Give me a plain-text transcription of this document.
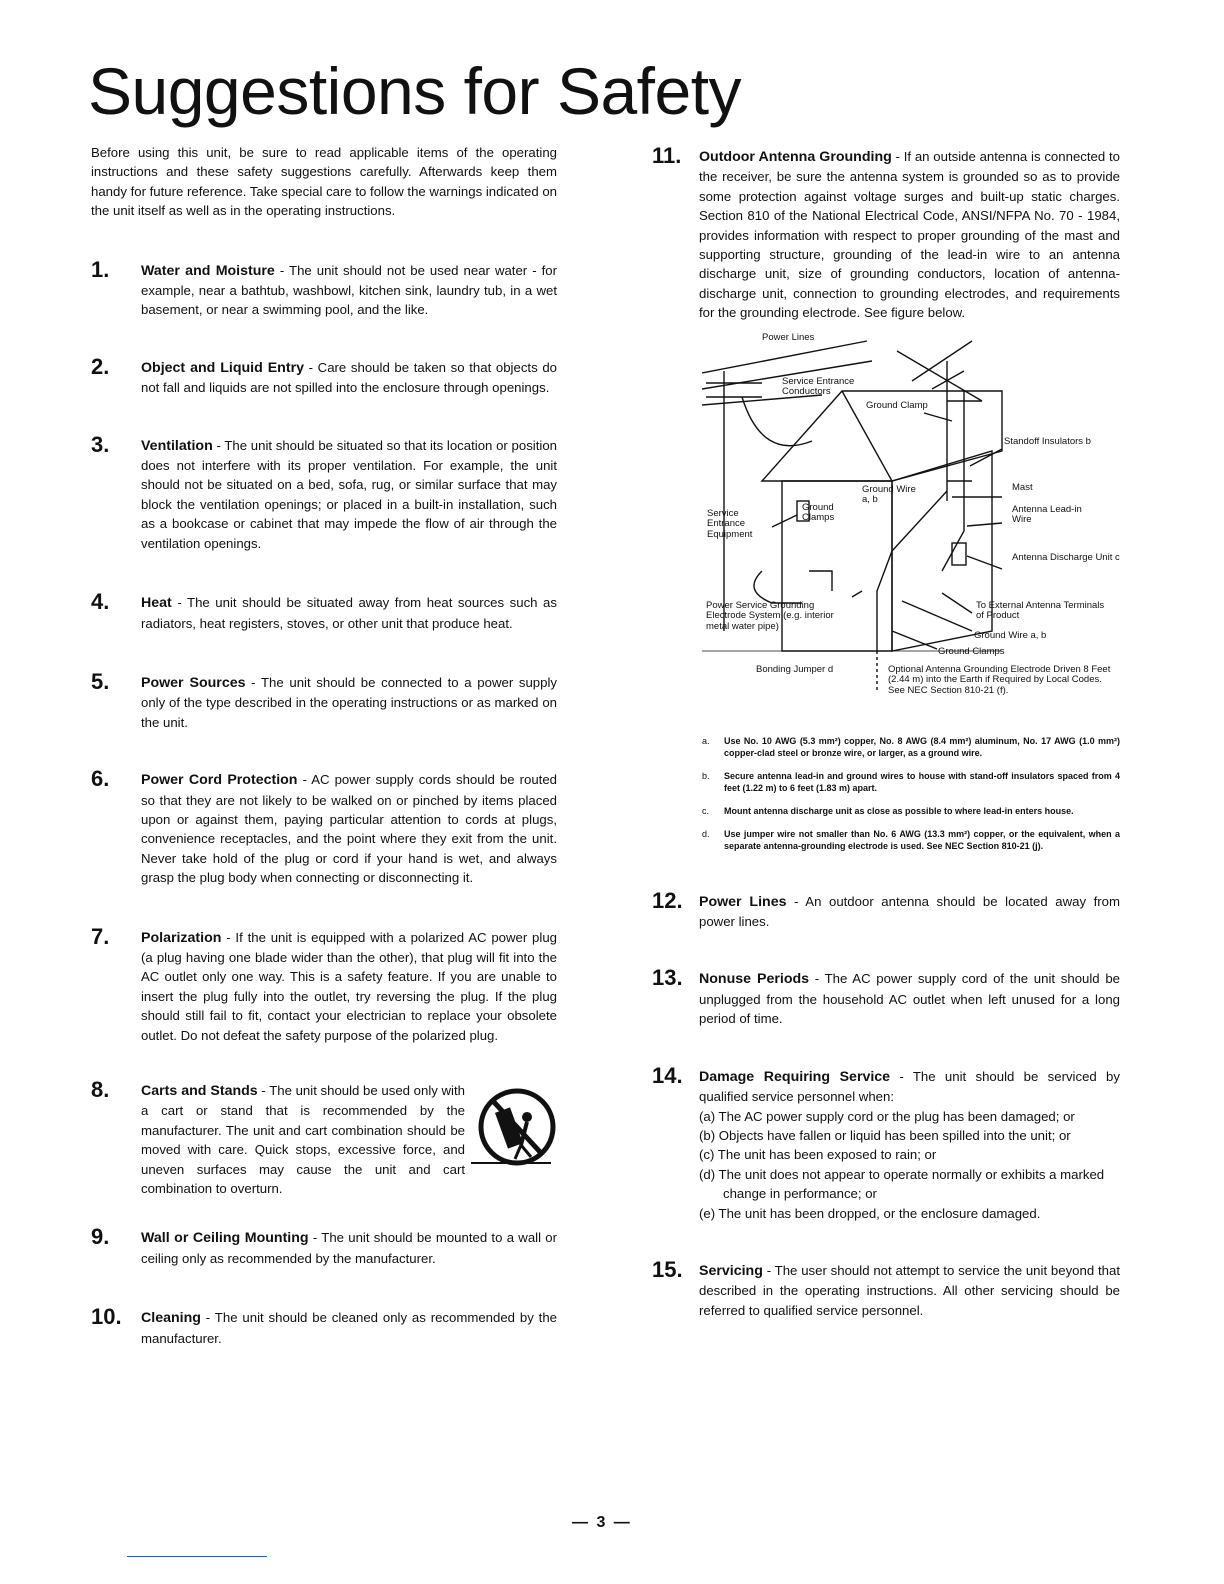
Suggestions for Safety

Before using this unit, be sure to read applicable items of the operating instructions and these safety suggestions carefully. Afterwards keep them handy for future reference. Take special care to follow the warnings indicated on the unit itself as well as in the operating instructions.

1. Water and Moisture - The unit should not be used near water - for example, near a bathtub, washbowl, kitchen sink, laundry tub, in a wet basement, or near a swimming pool, and the like.
2. Object and Liquid Entry - Care should be taken so that objects do not fall and liquids are not spilled into the enclosure through openings.
3. Ventilation - The unit should be situated so that its location or position does not interfere with its proper ventilation. For example, the unit should not be situated on a bed, sofa, rug, or similar surface that may block the ventilation openings; or placed in a built-in installation, such as a bookcase or cabinet that may impede the flow of air through the ventilation openings.
4. Heat - The unit should be situated away from heat sources such as radiators, heat registers, stoves, or other unit that produce heat.
5. Power Sources - The unit should be connected to a power supply only of the type described in the operating instructions or as marked on the unit.
6. Power Cord Protection - AC power supply cords should be routed so that they are not likely to be walked on or pinched by items placed upon or against them, paying particular attention to cords at plugs, convenience receptacles, and the point where they exit from the unit. Never take hold of the plug or cord if your hand is wet, and always grasp the plug body when connecting or disconnecting it.
7. Polarization - If the unit is equipped with a polarized AC power plug (a plug having one blade wider than the other), that plug will fit into the AC outlet only one way. This is a safety feature. If you are unable to insert the plug fully into the outlet, try reversing the plug. If the plug should still fail to fit, contact your electrician to replace your obsolete outlet. Do not defeat the safety purpose of the polarized plug.
8. Carts and Stands - The unit should be used only with a cart or stand that is recommended by the manufacturer. The unit and cart combination should be moved with care. Quick stops, excessive force, and uneven surfaces may cause the unit and cart combination to overturn.
9. Wall or Ceiling Mounting - The unit should be mounted to a wall or ceiling only as recommended by the manufacturer.
10. Cleaning - The unit should be cleaned only as recommended by the manufacturer.
11. Outdoor Antenna Grounding - If an outside antenna is connected to the receiver, be sure the antenna system is grounded so as to provide some protection against voltage surges and built-up static charges. Section 810 of the National Electrical Code, ANSI/NFPA No. 70 - 1984, provides information with respect to proper grounding of the mast and supporting structure, grounding of the lead-in wire to an antenna discharge unit, size of grounding conductors, location of antenna-discharge unit, connection to grounding electrodes, and requirements for the grounding electrode. See figure below.
Power Lines
Service Entrance Conductors
Ground Clamp
Standoff Insulators b
Ground Wire a, b
Mast
Service Entrance Equipment
Ground Clamps
Antenna Lead-in Wire
Antenna Discharge Unit c
Power Service Grounding Electrode System (e.g. interior metal water pipe)
To External Antenna Terminals of Product
Ground Wire a, b
Ground Clamps
Bonding Jumper d	Optional Antenna Grounding Electrode Driven 8 Feet (2.44 m) into the Earth if Required by Local Codes. See NEC Section 810-21 (f).
a. Use No. 10 AWG (5.3 mm²) copper, No. 8 AWG (8.4 mm²) aluminum, No. 17 AWG (1.0 mm²) copper-clad steel or bronze wire, or larger, as a ground wire.
b. Secure antenna lead-in and ground wires to house with stand-off insulators spaced from 4 feet (1.22 m) to 6 feet (1.83 m) apart.
c. Mount antenna discharge unit as close as possible to where lead-in enters house.
d. Use jumper wire not smaller than No. 6 AWG (13.3 mm²) copper, or the equivalent, when a separate antenna-grounding electrode is used. See NEC Section 810-21 (j).
12. Power Lines - An outdoor antenna should be located away from power lines.
13. Nonuse Periods - The AC power supply cord of the unit should be unplugged from the household AC outlet when left unused for a long period of time.
14. Damage Requiring Service - The unit should be serviced by qualified service personnel when:
(a) The AC power supply cord or the plug has been damaged; or
(b) Objects have fallen or liquid has been spilled into the unit; or
(c) The unit has been exposed to rain; or
(d) The unit does not appear to operate normally or exhibits a marked change in performance; or
(e) The unit has been dropped, or the enclosure damaged.
15. Servicing - The user should not attempt to service the unit beyond that described in the operating instructions. All other servicing should be referred to qualified service personnel.
— 3 —
